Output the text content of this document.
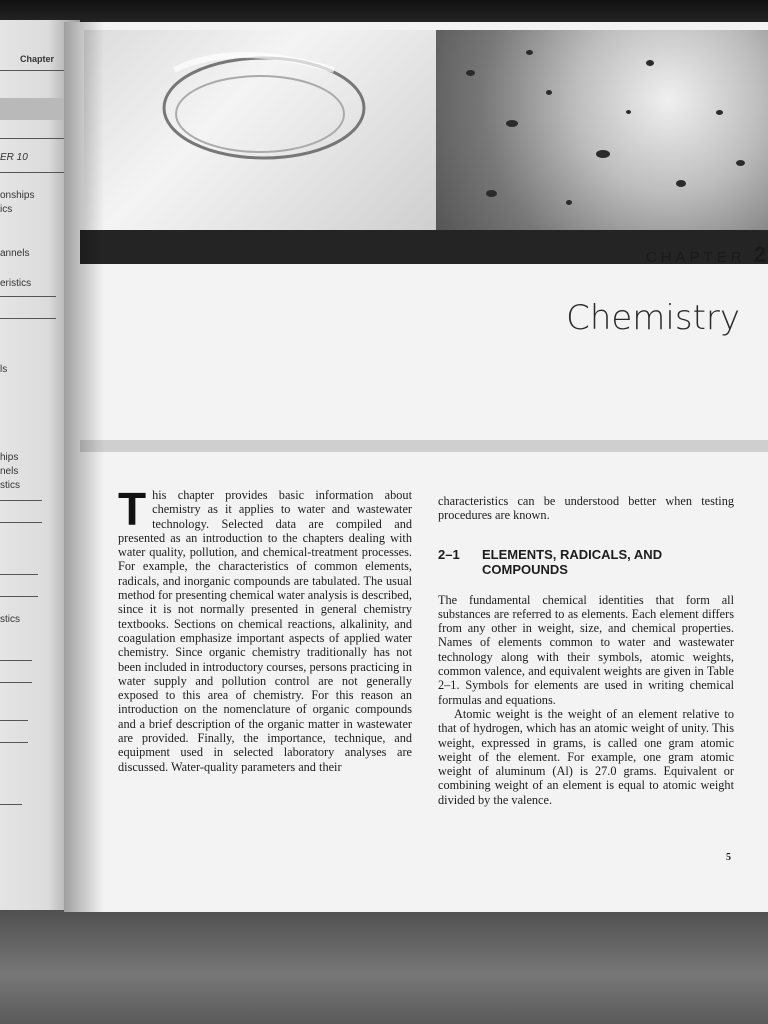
Chapter
ER 10
onships
ics
annels
eristics
ls
hips
nels
stics
stics
CHAPTER 2
Chemistry
T his chapter provides basic information about chemistry as it applies to water and wastewater technology. Selected data are compiled and presented as an introduction to the chapters dealing with water quality, pollution, and chemical-treatment processes. For example, the characteristics of common elements, radicals, and inorganic compounds are tabulated. The usual method for presenting chemical water analysis is described, since it is not normally presented in general chemistry textbooks. Sections on chemical reactions, alkalinity, and coagulation emphasize important aspects of applied water chemistry. Since organic chemistry traditionally has not been included in introductory courses, persons practicing in water supply and pollution control are not generally exposed to this area of chemistry. For this reason an introduction on the nomenclature of organic compounds and a brief description of the organic matter in wastewater are provided. Finally, the importance, technique, and equipment used in selected laboratory analyses are discussed. Water-quality parameters and their

characteristics can be understood better when testing procedures are known.

2–1	ELEMENTS, RADICALS, AND COMPOUNDS

The fundamental chemical identities that form all substances are referred to as elements. Each element differs from any other in weight, size, and chemical properties. Names of elements common to water and wastewater technology along with their symbols, atomic weights, common valence, and equivalent weights are given in Table 2–1. Symbols for elements are used in writing chemical formulas and equations.

Atomic weight is the weight of an element relative to that of hydrogen, which has an atomic weight of unity. This weight, expressed in grams, is called one gram atomic weight of the element. For example, one gram atomic weight of aluminum (Al) is 27.0 grams. Equivalent or combining weight of an element is equal to atomic weight divided by the valence.

5
